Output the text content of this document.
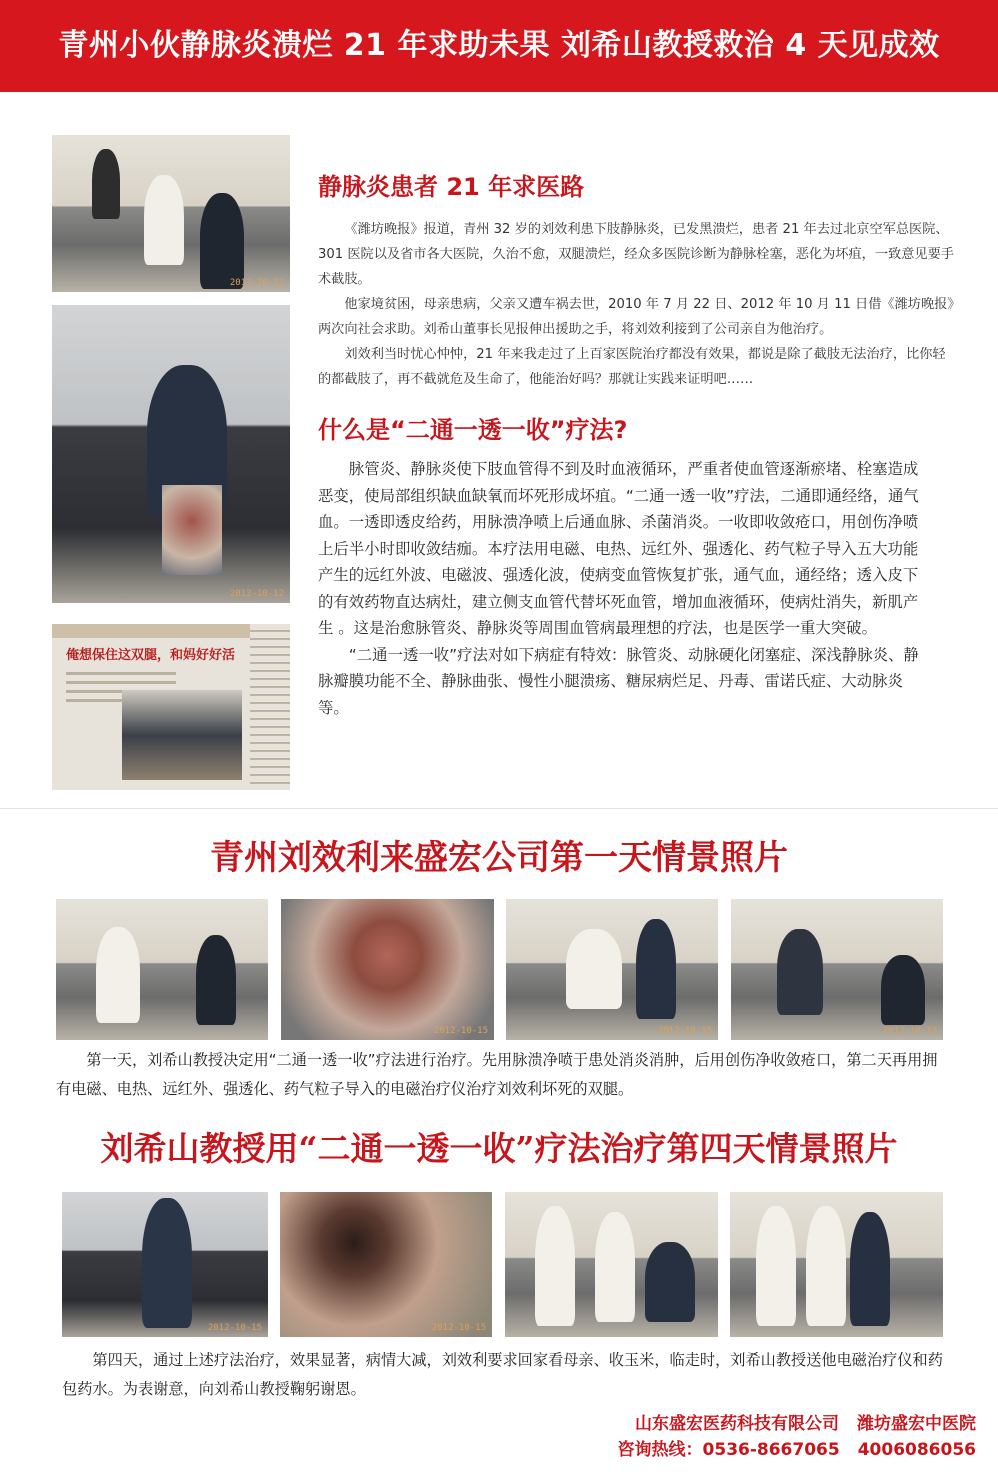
青州小伙静脉炎溃烂 21 年求助未果 刘希山教授救治 4 天见成效
2012-10-12
2012-10-12
俺想保住这双腿，和妈好好活
静脉炎患者 21 年求医路

《潍坊晚报》报道，青州 32 岁的刘效利患下肢静脉炎，已发黑溃烂，患者 21 年去过北京空军总医院、301 医院以及省市各大医院，久治不愈，双腿溃烂，经众多医院诊断为静脉栓塞，恶化为坏疽，一致意见要手术截肢。

他家境贫困，母亲患病，父亲又遭车祸去世，2010 年 7 月 22 日、2012 年 10 月 11 日借《潍坊晚报》两次向社会求助。刘希山董事长见报伸出援助之手，将刘效利接到了公司亲自为他治疗。

刘效利当时忧心忡忡，21 年来我走过了上百家医院治疗都没有效果，都说是除了截肢无法治疗，比你轻的都截肢了，再不截就危及生命了，他能治好吗？那就让实践来证明吧……

什么是“二通一透一收”疗法?

脉管炎、静脉炎使下肢血管得不到及时血液循环，严重者使血管逐渐瘀堵、栓塞造成恶变，使局部组织缺血缺氧而坏死形成坏疽。“二通一透一收”疗法，二通即通经络，通气血。一透即透皮给药，用脉溃净喷上后通血脉、杀菌消炎。一收即收敛疮口，用创伤净喷上后半小时即收敛结痂。本疗法用电磁、电热、远红外、强透化、药气粒子导入五大功能产生的远红外波、电磁波、强透化波，使病变血管恢复扩张，通气血，通经络；透入皮下的有效药物直达病灶，建立侧支血管代替坏死血管，增加血液循环，使病灶消失，新肌产生 。这是治愈脉管炎、静脉炎等周围血管病最理想的疗法，也是医学一重大突破。

“二通一透一收”疗法对如下病症有特效：脉管炎、动脉硬化闭塞症、深浅静脉炎、静脉瓣膜功能不全、静脉曲张、慢性小腿溃疡、糖尿病烂足、丹毒、雷诺氏症、大动脉炎等。

青州刘效利来盛宏公司第一天情景照片
2012-10-15	2012-10-15	2012-10-13

第一天，刘希山教授决定用“二通一透一收”疗法进行治疗。先用脉溃净喷于患处消炎消肿，后用创伤净收敛疮口，第二天再用拥有电磁、电热、远红外、强透化、药气粒子导入的电磁治疗仪治疗刘效利坏死的双腿。

刘希山教授用“二通一透一收”疗法治疗第四天情景照片
2012-10-15	2012-10-15

第四天，通过上述疗法治疗，效果显著，病情大减，刘效利要求回家看母亲、收玉米，临走时，刘希山教授送他电磁治疗仪和药包药水。为表谢意，向刘希山教授鞠躬谢恩。

山东盛宏医药科技有限公司 潍坊盛宏中医院
咨询热线：0536-8667065 4006086056
